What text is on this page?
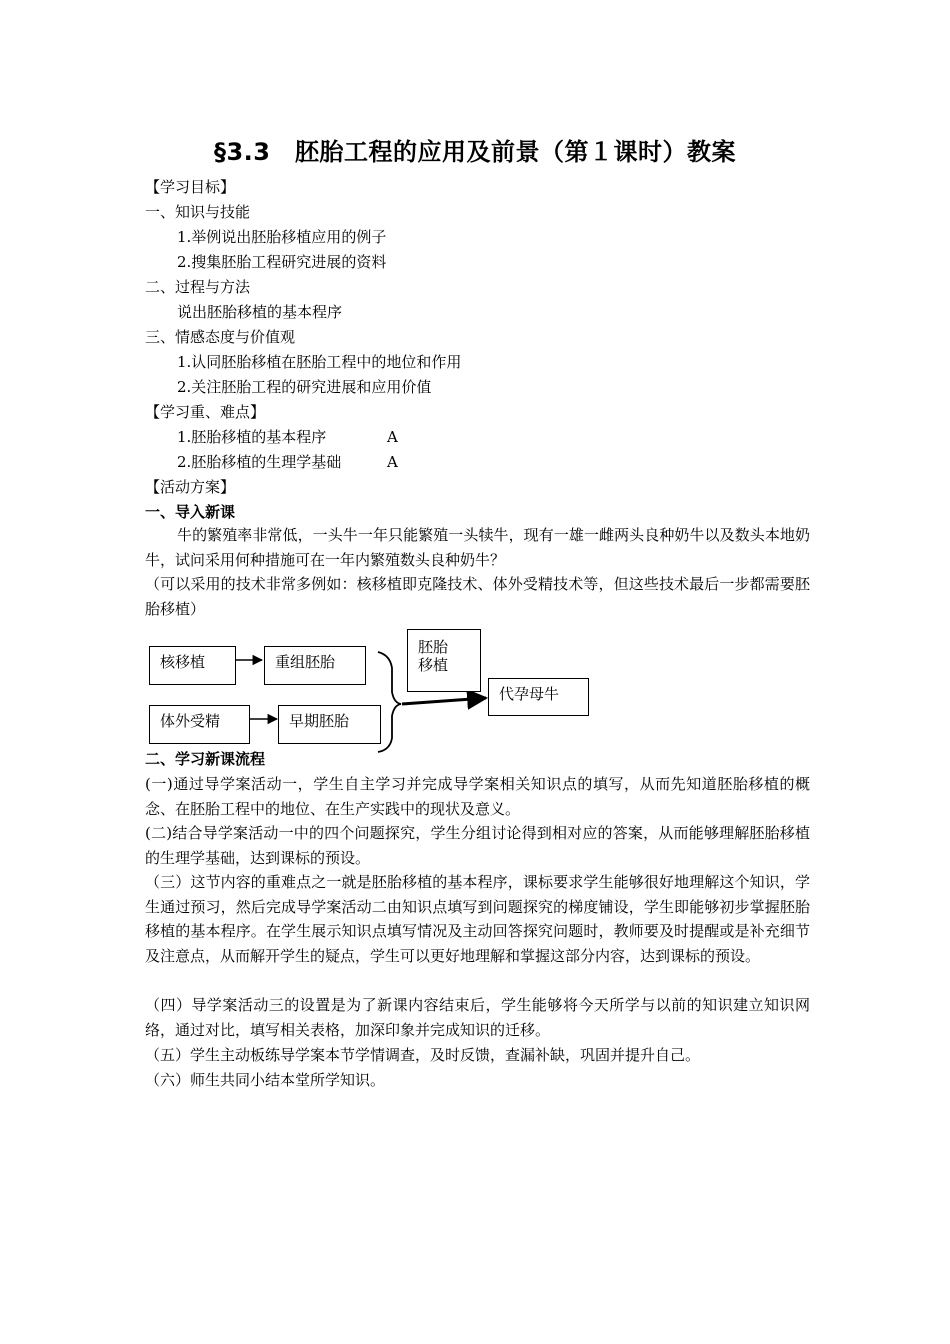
§3.3　胚胎工程的应用及前景（第１课时）教案
【学习目标】
一、知识与技能
1.举例说出胚胎移植应用的例子
2.搜集胚胎工程研究进展的资料
二、过程与方法
说出胚胎移植的基本程序
三、情感态度与价值观
1.认同胚胎移植在胚胎工程中的地位和作用
2.关注胚胎工程的研究进展和应用价值
【学习重、难点】
1.胚胎移植的基本程序	A
2.胚胎移植的生理学基础	A
【活动方案】
一、导入新课
牛的繁殖率非常低，一头牛一年只能繁殖一头犊牛，现有一雄一雌两头良种奶牛以及数头本地奶牛，试问采用何种措施可在一年内繁殖数头良种奶牛？
（可以采用的技术非常多例如：核移植即克隆技术、体外受精技术等，但这些技术最后一步都需要胚胎移植）
核移植	重组胚胎
体外受精	早期胚胎
胚胎
移植
代孕母牛
二、学习新课流程
(一)通过导学案活动一，学生自主学习并完成导学案相关知识点的填写，从而先知道胚胎移植的概念、在胚胎工程中的地位、在生产实践中的现状及意义。
(二)结合导学案活动一中的四个问题探究，学生分组讨论得到相对应的答案，从而能够理解胚胎移植的生理学基础，达到课标的预设。
（三）这节内容的重难点之一就是胚胎移植的基本程序，课标要求学生能够很好地理解这个知识，学生通过预习，然后完成导学案活动二由知识点填写到问题探究的梯度铺设，学生即能够初步掌握胚胎移植的基本程序。在学生展示知识点填写情况及主动回答探究问题时，教师要及时提醒或是补充细节及注意点，从而解开学生的疑点，学生可以更好地理解和掌握这部分内容，达到课标的预设。
（四）导学案活动三的设置是为了新课内容结束后，学生能够将今天所学与以前的知识建立知识网络，通过对比，填写相关表格，加深印象并完成知识的迁移。
（五）学生主动板练导学案本节学情调查，及时反馈，查漏补缺，巩固并提升自己。
（六）师生共同小结本堂所学知识。
